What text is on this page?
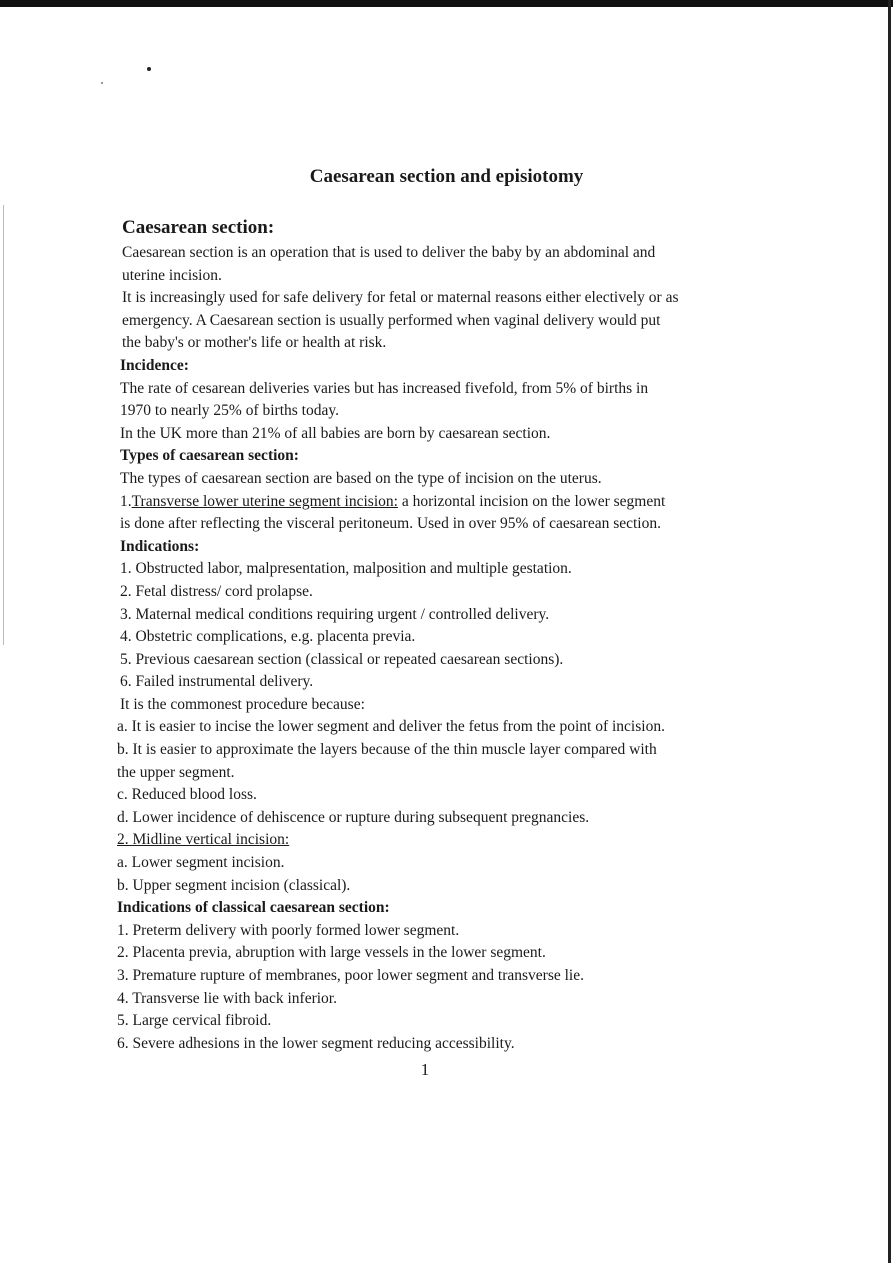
Caesarean section and episiotomy
Caesarean section:

Caesarean section is an operation that is used to deliver the baby by an abdominal and

uterine incision.

It is increasingly used for safe delivery for fetal or maternal reasons either electively or as

emergency. A Caesarean section is usually performed when vaginal delivery would put

the baby's or mother's life or health at risk.

Incidence:

The rate of cesarean deliveries varies but has increased fivefold, from 5% of births in

1970 to nearly 25% of births today.

In the UK more than 21% of all babies are born by caesarean section.

Types of caesarean section:

The types of caesarean section are based on the type of incision on the uterus.

1.Transverse lower uterine segment incision: a horizontal incision on the lower segment

is done after reflecting the visceral peritoneum. Used in over 95% of caesarean section.

Indications:

1. Obstructed labor, malpresentation, malposition and multiple gestation.

2. Fetal distress/ cord prolapse.

3. Maternal medical conditions requiring urgent / controlled delivery.

4. Obstetric complications, e.g. placenta previa.

5. Previous caesarean section (classical or repeated caesarean sections).

6. Failed instrumental delivery.

It is the commonest procedure because:

a. It is easier to incise the lower segment and deliver the fetus from the point of incision.

b. It is easier to approximate the layers because of the thin muscle layer compared with

the upper segment.

c. Reduced blood loss.

d. Lower incidence of dehiscence or rupture during subsequent pregnancies.

2. Midline vertical incision:

a. Lower segment incision.

b. Upper segment incision (classical).

Indications of classical caesarean section:

1. Preterm delivery with poorly formed lower segment.

2. Placenta previa, abruption with large vessels in the lower segment.

3. Premature rupture of membranes, poor lower segment and transverse lie.

4. Transverse lie with back inferior.

5. Large cervical fibroid.

6. Severe adhesions in the lower segment reducing accessibility.

1
